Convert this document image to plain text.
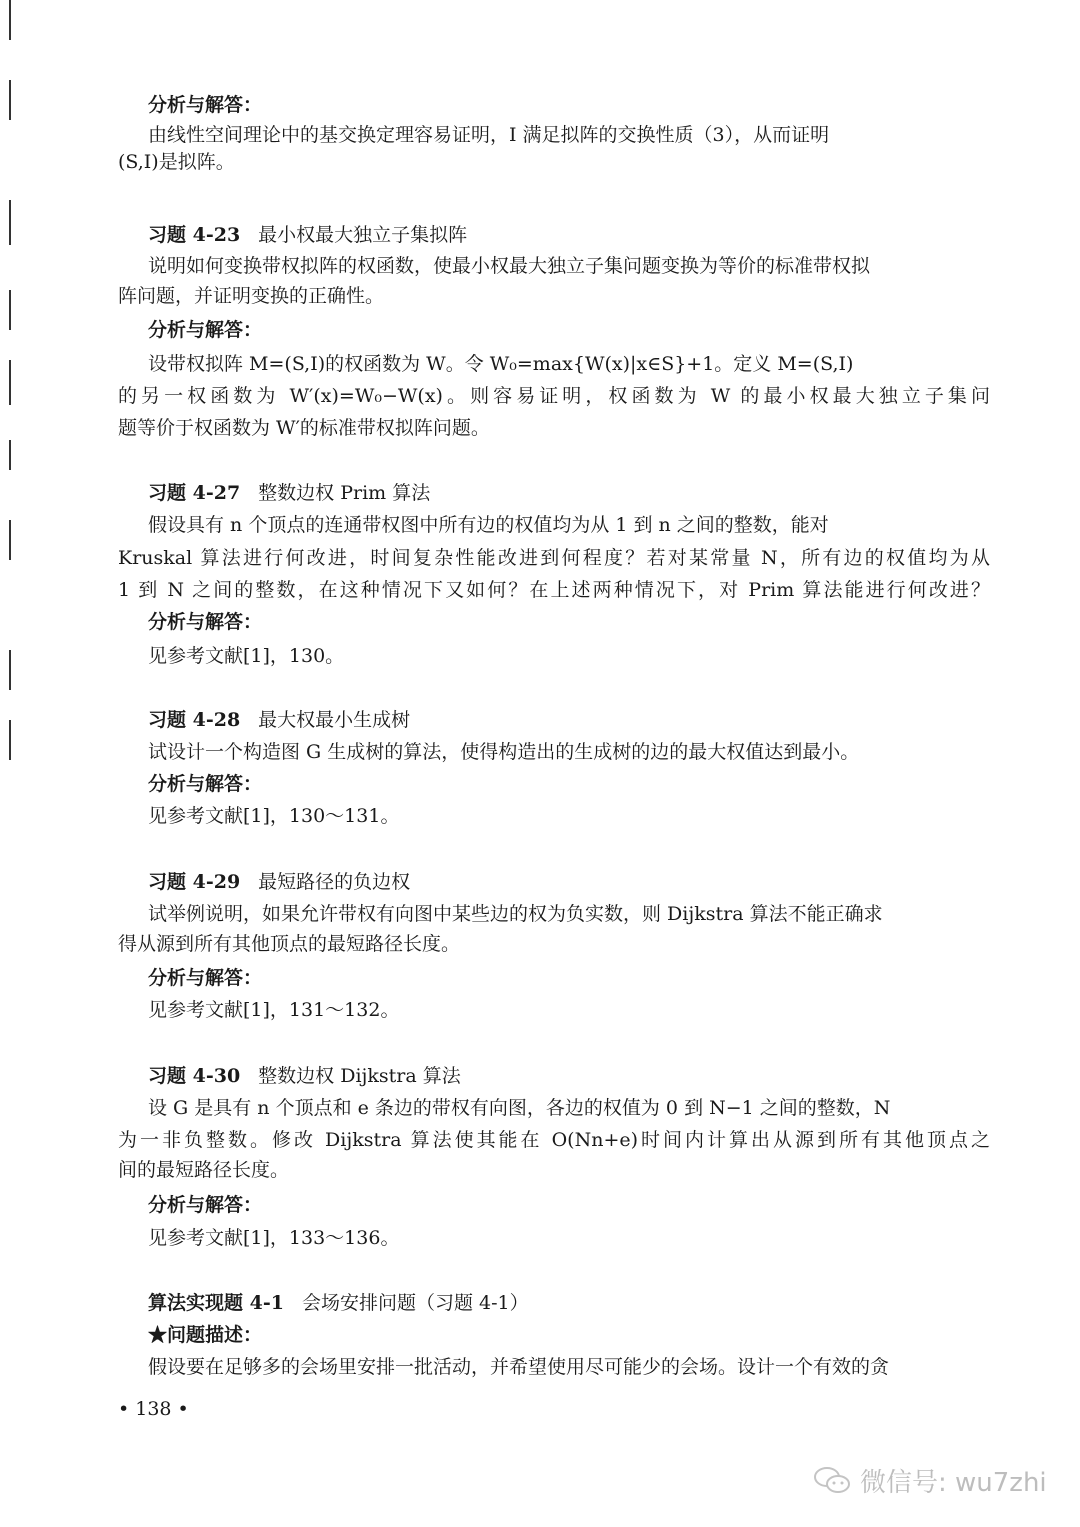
分析与解答：
由线性空间理论中的基交换定理容易证明，I 满足拟阵的交换性质（3），从而证明
(S,I)是拟阵。
习题 4-23 最小权最大独立子集拟阵
说明如何变换带权拟阵的权函数，使最小权最大独立子集问题变换为等价的标准带权拟
阵问题，并证明变换的正确性。
分析与解答：
设带权拟阵 M=(S,I)的权函数为 W。令 W₀=max{W(x)|x∈S}+1。定义 M=(S,I)
的另一权函数为 W′(x)=W₀−W(x)。则容易证明，权函数为 W 的最小权最大独立子集问
题等价于权函数为 W′的标准带权拟阵问题。
习题 4-27 整数边权 Prim 算法
假设具有 n 个顶点的连通带权图中所有边的权值均为从 1 到 n 之间的整数，能对
Kruskal 算法进行何改进，时间复杂性能改进到何程度？若对某常量 N，所有边的权值均为从
1 到 N 之间的整数，在这种情况下又如何？在上述两种情况下，对 Prim 算法能进行何改进？
分析与解答：
见参考文献[1]，130。
习题 4-28 最大权最小生成树
试设计一个构造图 G 生成树的算法，使得构造出的生成树的边的最大权值达到最小。
分析与解答：
见参考文献[1]，130～131。
习题 4-29 最短路径的负边权
试举例说明，如果允许带权有向图中某些边的权为负实数，则 Dijkstra 算法不能正确求
得从源到所有其他顶点的最短路径长度。
分析与解答：
见参考文献[1]，131～132。
习题 4-30 整数边权 Dijkstra 算法
设 G 是具有 n 个顶点和 e 条边的带权有向图，各边的权值为 0 到 N−1 之间的整数，N
为一非负整数。修改 Dijkstra 算法使其能在 O(Nn+e)时间内计算出从源到所有其他顶点之
间的最短路径长度。
分析与解答：
见参考文献[1]，133～136。
算法实现题 4-1 会场安排问题（习题 4-1）
★问题描述：
假设要在足够多的会场里安排一批活动，并希望使用尽可能少的会场。设计一个有效的贪
• 138 •
微信号: wu7zhi
